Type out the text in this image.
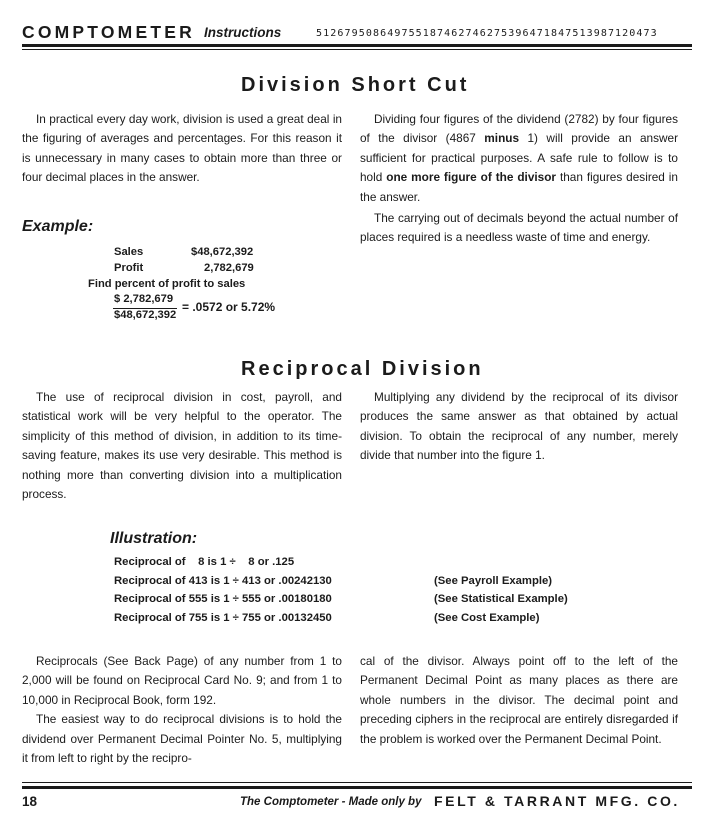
COMPTOMETER Instructions	512679508649755187462746275396471847513987120473
Division Short Cut

In practical every day work, division is used a great deal in the figuring of averages and percentages. For this reason it is unnecessary in many cases to obtain more than three or four decimal places in the answer.

Dividing four figures of the dividend (2782) by four figures of the divisor (4867 minus 1) will provide an answer sufficient for practical purposes. A safe rule to follow is to hold one more figure of the divisor than figures desired in the answer.

The carrying out of decimals beyond the actual number of places required is a needless waste of time and energy.

Example:
Sales	$48,672,392
Profit	2,782,679
Find percent of profit to sales
$ 2,782,679
$48,672,392
= .0572 or 5.72%
Reciprocal Division

The use of reciprocal division in cost, payroll, and statistical work will be very helpful to the operator. The simplicity of this method of division, in addition to its time-saving feature, makes its use very desirable. This method is nothing more than converting division into a multiplication process.

Multiplying any dividend by the reciprocal of its divisor produces the same answer as that obtained by actual division. To obtain the reciprocal of any number, merely divide that number into the figure 1.

Illustration:
Reciprocal of    8 is 1 ÷    8 or .125
Reciprocal of 413 is 1 ÷ 413 or .00242130	(See Payroll Example)
Reciprocal of 555 is 1 ÷ 555 or .00180180	(See Statistical Example)
Reciprocal of 755 is 1 ÷ 755 or .00132450	(See Cost Example)

Reciprocals (See Back Page) of any number from 1 to 2,000 will be found on Reciprocal Card No. 9; and from 1 to 10,000 in Reciprocal Book, form 192.

The easiest way to do reciprocal divisions is to hold the dividend over Permanent Decimal Pointer No. 5, multiplying it from left to right by the recipro-

cal of the divisor. Always point off to the left of the Permanent Decimal Point as many places as there are whole numbers in the divisor. The decimal point and preceding ciphers in the reciprocal are entirely disregarded if the problem is worked over the Permanent Decimal Point.

18	The Comptometer - Made only by FELT & TARRANT MFG. CO.
